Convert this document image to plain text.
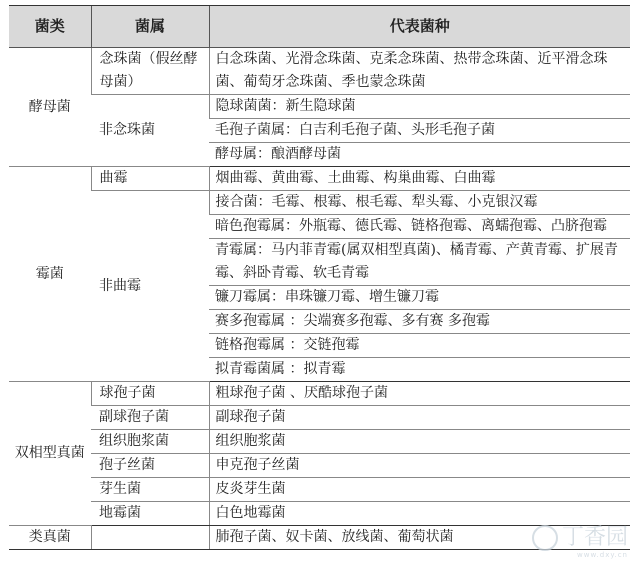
菌类	菌属	代表菌种
酵母菌	念珠菌（假丝酵母菌）	白念珠菌、光滑念珠菌、克柔念珠菌、热带念珠菌、近平滑念珠菌、葡萄牙念珠菌、季也蒙念珠菌
	非念珠菌	隐球菌菌：新生隐球菌
		毛孢子菌属：白吉利毛孢子菌、头形毛孢子菌
		酵母属：酿酒酵母菌
霉菌	曲霉	烟曲霉、黄曲霉、土曲霉、构巢曲霉、白曲霉
	非曲霉	接合菌：毛霉、根霉、根毛霉、犁头霉、小克银汉霉
		暗色孢霉属：外瓶霉、德氏霉、链格孢霉、离蠕孢霉、凸脐孢霉
		青霉属：马内菲青霉(属双相型真菌)、橘青霉、产黄青霉、扩展青霉、斜卧青霉、软毛青霉
		镰刀霉属：串珠镰刀霉、增生镰刀霉
		赛多孢霉属 ：尖端赛多孢霉、多有赛 多孢霉
		链格孢霉属 ：交链孢霉
		拟青霉菌属 ：拟青霉
双相型真菌	球孢子菌	粗球孢子菌 、厌酷球孢子菌
	副球孢子菌	副球孢子菌
	组织胞浆菌	组织胞浆菌
	孢子丝菌	申克孢子丝菌
	芽生菌	皮炎芽生菌
	地霉菌	白色地霉菌
类真菌		肺孢子菌、奴卡菌、放线菌、葡萄状菌	丁香园
www.dxy.cn
